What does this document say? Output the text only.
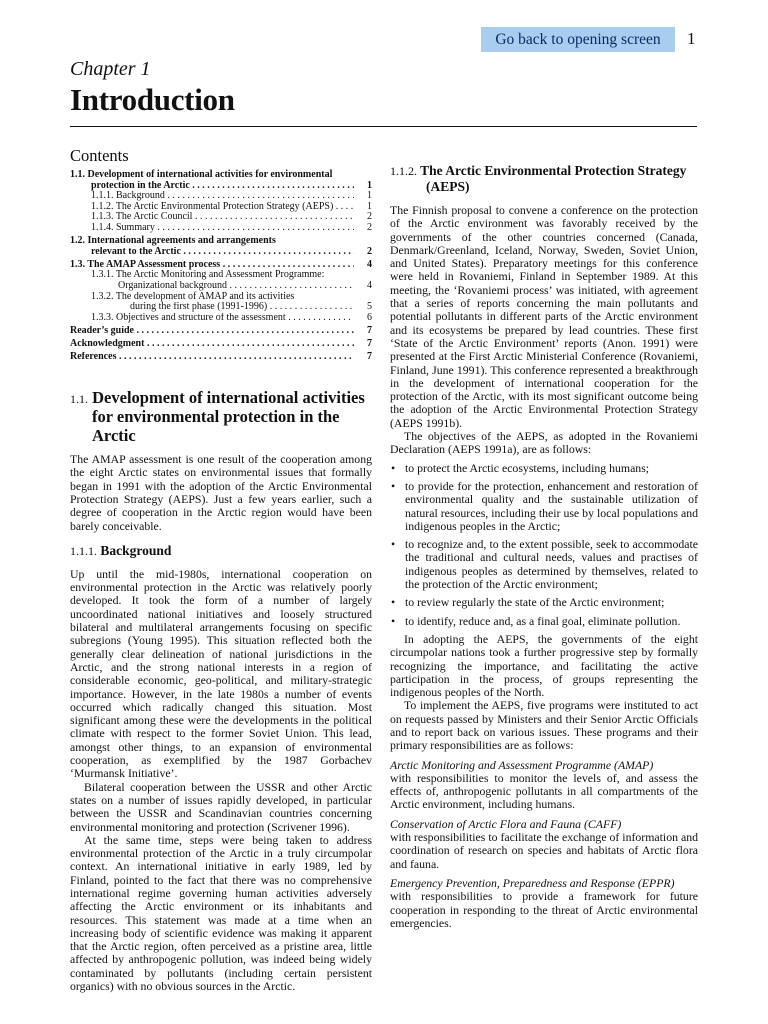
Go back to opening screen	1
Chapter 1
Introduction
Contents
1.1. Development of international activities for environmental
protection in the Arctic . . .	1
1.1.1. Background . . .	1
1.1.2. The Arctic Environmental Protection Strategy (AEPS) . . .	1
1.1.3. The Arctic Council . . .	2
1.1.4. Summary . . .	2
1.2. International agreements and arrangements
relevant to the Arctic . . .	2
1.3. The AMAP Assessment process . . .	4
1.3.1. The Arctic Monitoring and Assessment Programme:
Organizational background . . .	4
1.3.2. The development of AMAP and its activities
during the first phase (1991-1996) . . .	5
1.3.3. Objectives and structure of the assessment . . .	6
Reader’s guide . . .	7
Acknowledgment . . .	7
References . . .	7
1.1. Development of international activities for environmental protection in the Arctic

The AMAP assessment is one result of the cooperation among the eight Arctic states on environmental issues that formally began in 1991 with the adoption of the Arctic Environmental Protection Strategy (AEPS). Just a few years earlier, such a degree of cooperation in the Arctic region would have been barely conceivable.

1.1.1. Background

Up until the mid-1980s, international cooperation on environmental protection in the Arctic was relatively poorly developed. It took the form of a number of largely uncoordinated national initiatives and loosely structured bilateral and multilateral arrangements focusing on specific subregions (Young 1995). This situation reflected both the generally clear delineation of national jurisdictions in the Arctic, and the strong national interests in a region of considerable economic, geo-political, and military-strategic importance. However, in the late 1980s a number of events occurred which radically changed this situation. Most significant among these were the developments in the political climate with respect to the former Soviet Union. This lead, amongst other things, to an expansion of environmental cooperation, as exemplified by the 1987 Gorbachev ‘Murmansk Initiative’.

Bilateral cooperation between the USSR and other Arctic states on a number of issues rapidly developed, in particular between the USSR and Scandinavian countries concerning environmental monitoring and protection (Scrivener 1996).

At the same time, steps were being taken to address environmental protection of the Arctic in a truly circumpolar context. An international initiative in early 1989, led by Finland, pointed to the fact that there was no comprehensive international regime governing human activities adversely affecting the Arctic environment or its inhabitants and resources. This statement was made at a time when an increasing body of scientific evidence was making it apparent that the Arctic region, often perceived as a pristine area, little affected by anthropogenic pollution, was indeed being widely contaminated by pollutants (including certain persistent organics) with no obvious sources in the Arctic.

1.1.2. The Arctic Environmental Protection Strategy (AEPS)

The Finnish proposal to convene a conference on the protection of the Arctic environment was favorably received by the governments of the other countries concerned (Canada, Denmark/Greenland, Iceland, Norway, Sweden, Soviet Union, and United States). Preparatory meetings for this conference were held in Rovaniemi, Finland in September 1989. At this meeting, the ‘Rovaniemi process’ was initiated, with agreement that a series of reports concerning the main pollutants and potential pollutants in different parts of the Arctic environment and its ecosystems be prepared by lead countries. These first ‘State of the Arctic Environment’ reports (Anon. 1991) were presented at the First Arctic Ministerial Conference (Rovaniemi, Finland, June 1991). This conference represented a breakthrough in the development of international cooperation for the protection of the Arctic, with its most significant outcome being the adoption of the Arctic Environmental Protection Strategy (AEPS 1991b).

The objectives of the AEPS, as adopted in the Rovaniemi Declaration (AEPS 1991a), are as follows:

• to protect the Arctic ecosystems, including humans;
• to provide for the protection, enhancement and restoration of environmental quality and the sustainable utilization of natural resources, including their use by local populations and indigenous peoples in the Arctic;
• to recognize and, to the extent possible, seek to accommodate the traditional and cultural needs, values and practises of indigenous peoples as determined by themselves, related to the protection of the Arctic environment;
• to review regularly the state of the Arctic environment;
• to identify, reduce and, as a final goal, eliminate pollution.

In adopting the AEPS, the governments of the eight circumpolar nations took a further progressive step by formally recognizing the importance, and facilitating the active participation in the process, of groups representing the indigenous peoples of the North.

To implement the AEPS, five programs were instituted to act on requests passed by Ministers and their Senior Arctic Officials and to report back on various issues. These programs and their primary responsibilities are as follows:

Arctic Monitoring and Assessment Programme (AMAP)

with responsibilities to monitor the levels of, and assess the effects of, anthropogenic pollutants in all compartments of the Arctic environment, including humans.

Conservation of Arctic Flora and Fauna (CAFF)

with responsibilities to facilitate the exchange of information and coordination of research on species and habitats of Arctic flora and fauna.

Emergency Prevention, Preparedness and Response (EPPR)

with responsibilities to provide a framework for future cooperation in responding to the threat of Arctic environmental emergencies.
